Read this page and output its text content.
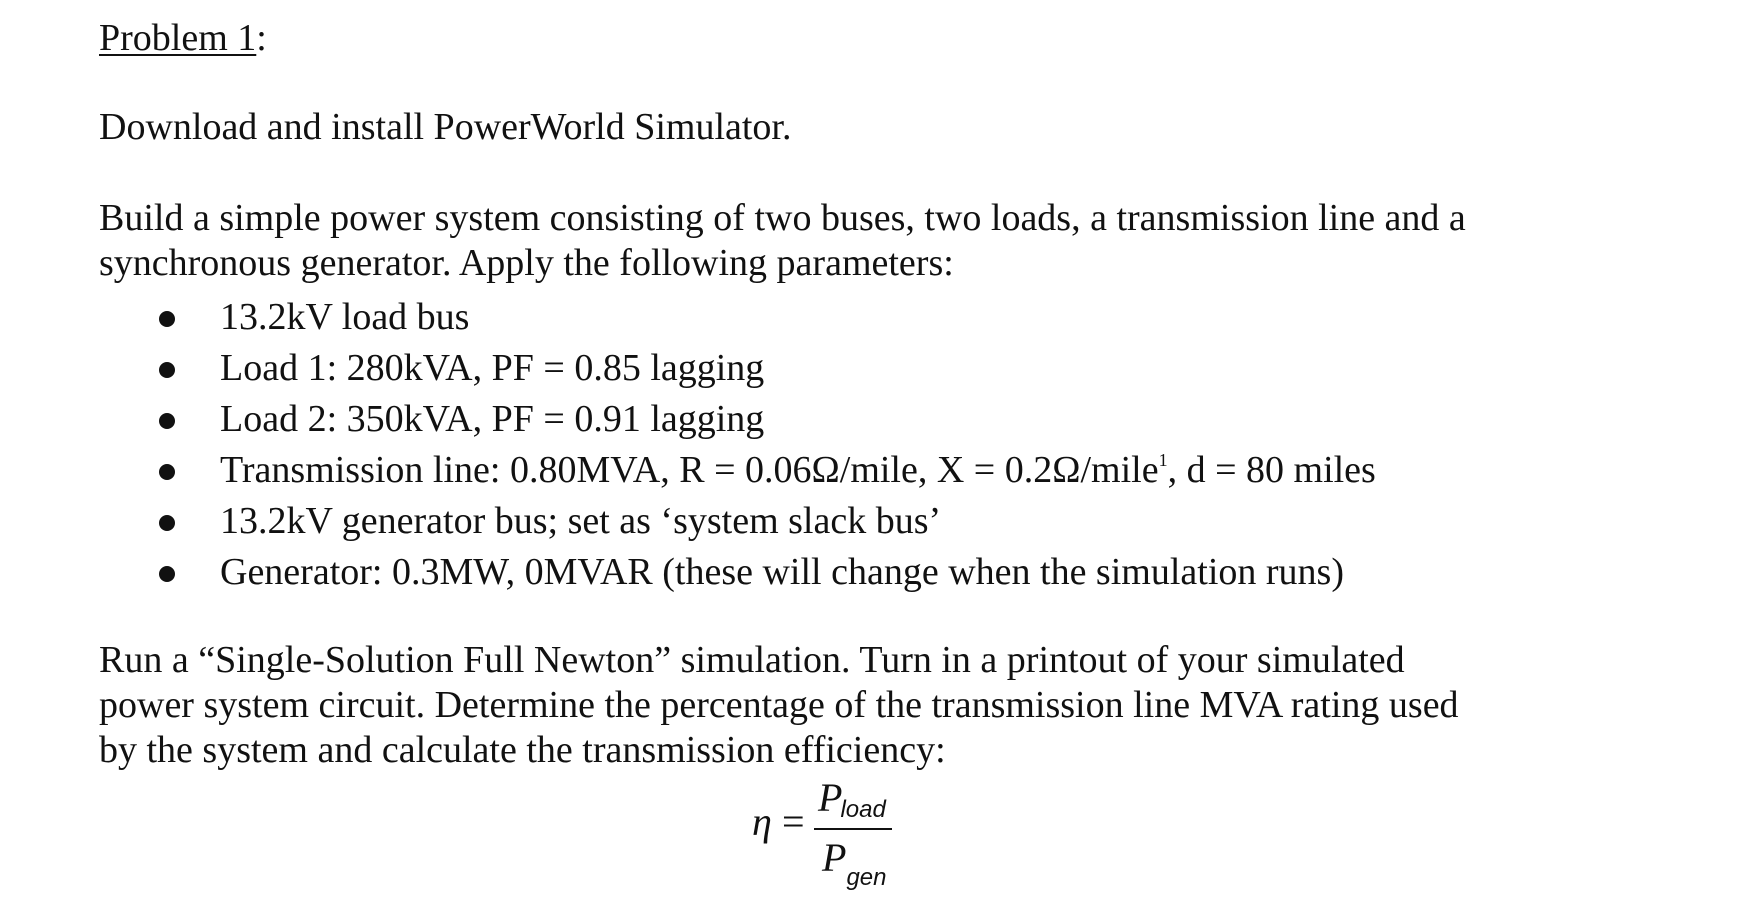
Problem 1:
Download and install PowerWorld Simulator.
Build a simple power system consisting of two buses, two loads, a transmission line and a
synchronous generator. Apply the following parameters:
13.2kV load bus
Load 1: 280kVA, PF = 0.85 lagging
Load 2: 350kVA, PF = 0.91 lagging
Transmission line: 0.80MVA, R = 0.06Ω/mile, X = 0.2Ω/mile$^1$, d = 80 miles
13.2kV generator bus; set as ‘system slack bus’
Generator: 0.3MW, 0MVAR (these will change when the simulation runs)
Run a “Single-Solution Full Newton” simulation. Turn in a printout of your simulated
power system circuit. Determine the percentage of the transmission line MVA rating used
by the system and calculate the transmission efficiency:
η =
Pload
Pgen
